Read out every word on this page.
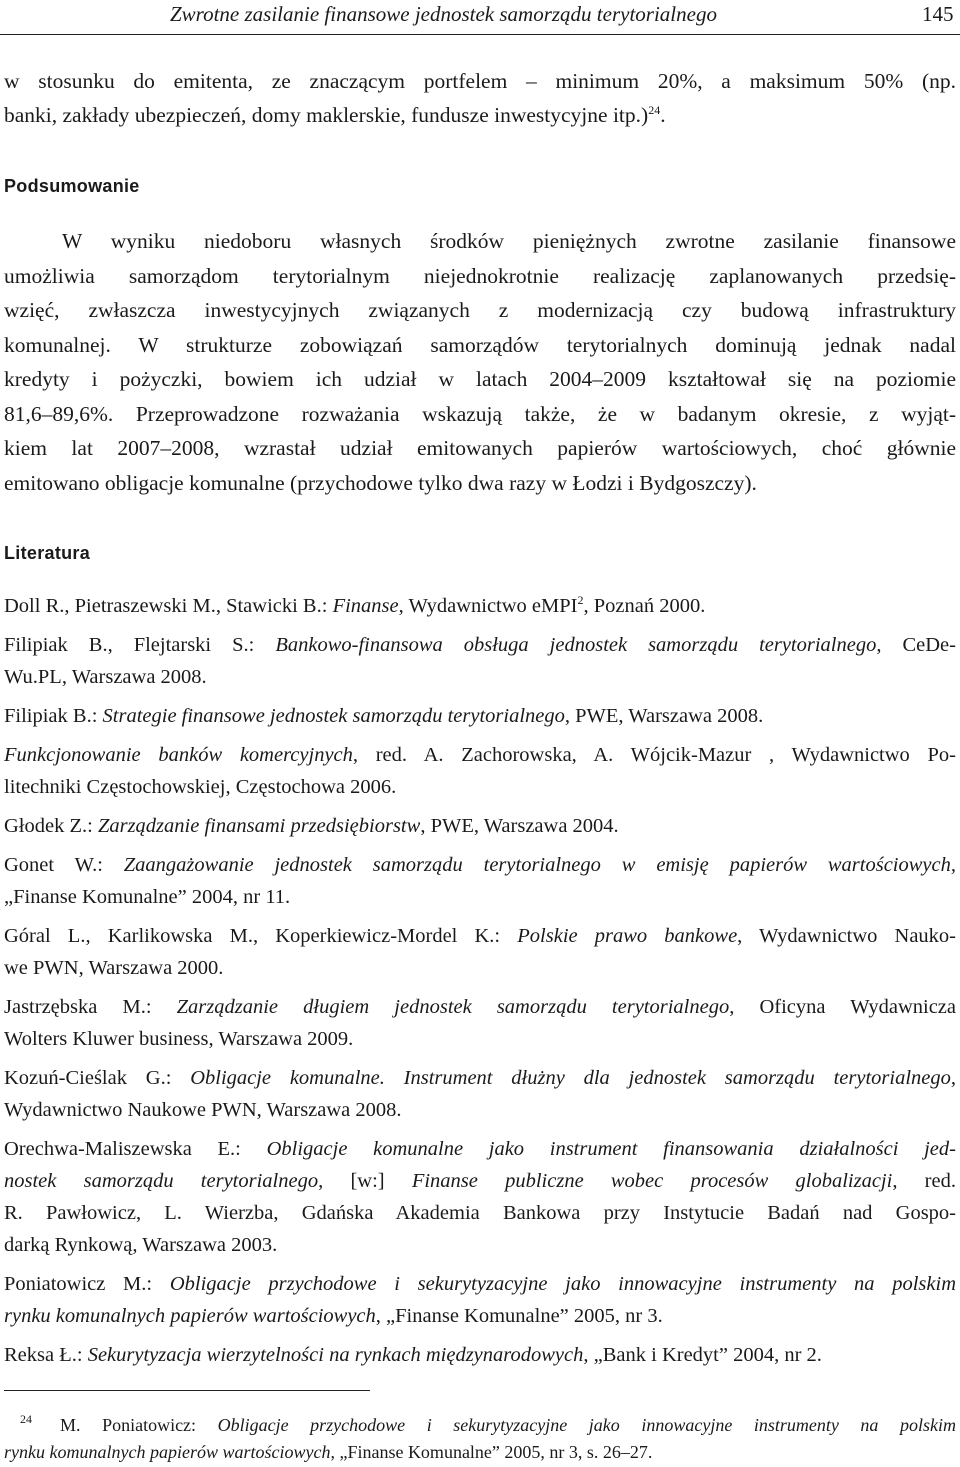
Zwrotne zasilanie finansowe jednostek samorządu terytorialnego	145
w stosunku do emitenta, ze znaczącym portfelem – minimum 20%, a maksimum 50% (np.
banki, zakłady ubezpieczeń, domy maklerskie, fundusze inwestycyjne itp.)$^{24}$.
Podsumowanie
W wyniku niedoboru własnych środków pieniężnych zwrotne zasilanie finansowe
umożliwia samorządom terytorialnym niejednokrotnie realizację zaplanowanych przedsię-
wzięć, zwłaszcza inwestycyjnych związanych z modernizacją czy budową infrastruktury
komunalnej. W strukturze zobowiązań samorządów terytorialnych dominują jednak nadal
kredyty i pożyczki, bowiem ich udział w latach 2004–2009 kształtował się na poziomie
81,6–89,6%. Przeprowadzone rozważania wskazują także, że w badanym okresie, z wyjąt-
kiem lat 2007–2008, wzrastał udział emitowanych papierów wartościowych, choć głównie
emitowano obligacje komunalne (przychodowe tylko dwa razy w Łodzi i Bydgoszczy).
Literatura
Doll R., Pietraszewski M., Stawicki B.: Finanse, Wydawnictwo eMPI$^2$, Poznań 2000.
Filipiak B., Flejtarski S.: Bankowo-finansowa obsługa jednostek samorządu terytorialnego, CeDe-
Wu.PL, Warszawa 2008.
Filipiak B.: Strategie finansowe jednostek samorządu terytorialnego, PWE, Warszawa 2008.
Funkcjonowanie banków komercyjnych, red. A. Zachorowska, A. Wójcik-Mazur , Wydawnictwo Po-
litechniki Częstochowskiej, Częstochowa 2006.
Głodek Z.: Zarządzanie finansami przedsiębiorstw, PWE, Warszawa 2004.
Gonet W.: Zaangażowanie jednostek samorządu terytorialnego w emisję papierów wartościowych,
„Finanse Komunalne” 2004, nr 11.
Góral L., Karlikowska M., Koperkiewicz-Mordel K.: Polskie prawo bankowe, Wydawnictwo Nauko-
we PWN, Warszawa 2000.
Jastrzębska M.: Zarządzanie długiem jednostek samorządu terytorialnego, Oficyna Wydawnicza
Wolters Kluwer business, Warszawa 2009.
Kozuń-Cieślak G.: Obligacje komunalne. Instrument dłużny dla jednostek samorządu terytorialnego,
Wydawnictwo Naukowe PWN, Warszawa 2008.
Orechwa-Maliszewska E.: Obligacje komunalne jako instrument finansowania działalności jed-
nostek samorządu terytorialnego, [w:] Finanse publiczne wobec procesów globalizacji, red.
R. Pawłowicz, L. Wierzba, Gdańska Akademia Bankowa przy Instytucie Badań nad Gospo-
darką Rynkową, Warszawa 2003.
Poniatowicz M.: Obligacje przychodowe i sekurytyzacyjne jako innowacyjne instrumenty na polskim
rynku komunalnych papierów wartościowych, „Finanse Komunalne” 2005, nr 3.
Reksa Ł.: Sekurytyzacja wierzytelności na rynkach międzynarodowych, „Bank i Kredyt” 2004, nr 2.
24	M. Poniatowicz: Obligacje przychodowe i sekurytyzacyjne jako innowacyjne instrumenty na polskim
rynku komunalnych papierów wartościowych, „Finanse Komunalne” 2005, nr 3, s. 26–27.
